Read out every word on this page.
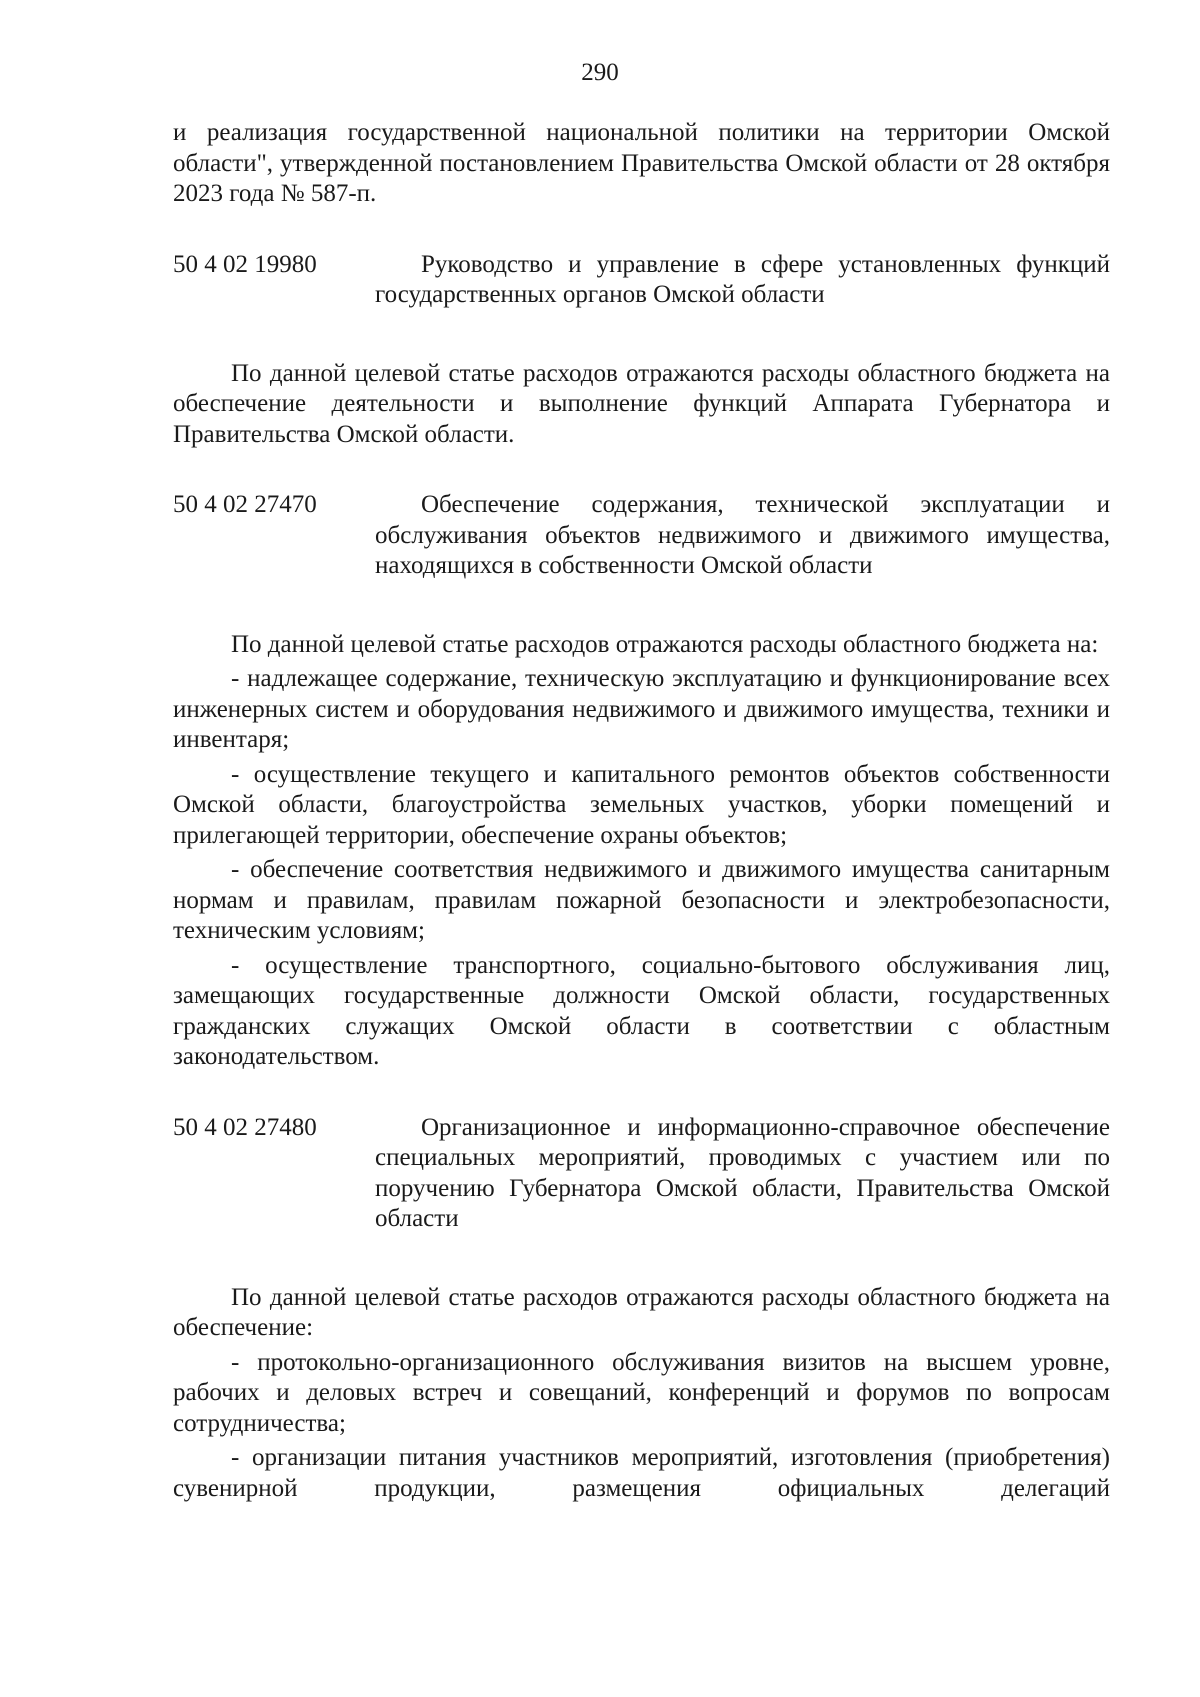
290

и реализация государственной национальной политики на территории Омской области", утвержденной постановлением Правительства Омской области от 28 октября 2023 года № 587-п.

50 4 02 19980	Руководство и управление в сфере установленных функций государственных органов Омской области

По данной целевой статье расходов отражаются расходы областного бюджета на обеспечение деятельности и выполнение функций Аппарата Губернатора и Правительства Омской области.

50 4 02 27470	Обеспечение содержания, технической эксплуатации и обслуживания объектов недвижимого и движимого имущества, находящихся в собственности Омской области

По данной целевой статье расходов отражаются расходы областного бюджета на:

- надлежащее содержание, техническую эксплуатацию и функционирование всех инженерных систем и оборудования недвижимого и движимого имущества, техники и инвентаря;

- осуществление текущего и капитального ремонтов объектов собственности Омской области, благоустройства земельных участков, уборки помещений и прилегающей территории, обеспечение охраны объектов;

- обеспечение соответствия недвижимого и движимого имущества санитарным нормам и правилам, правилам пожарной безопасности и электробезопасности, техническим условиям;

- осуществление транспортного, социально-бытового обслуживания лиц, замещающих государственные должности Омской области, государственных гражданских служащих Омской области в соответствии с областным законодательством.

50 4 02 27480	Организационное и информационно-справочное обеспечение специальных мероприятий, проводимых с участием или по поручению Губернатора Омской области, Правительства Омской области

По данной целевой статье расходов отражаются расходы областного бюджета на обеспечение:

- протокольно-организационного обслуживания визитов на высшем уровне, рабочих и деловых встреч и совещаний, конференций и форумов по вопросам сотрудничества;

- организации питания участников мероприятий, изготовления (приобретения) сувенирной продукции, размещения официальных делегаций
